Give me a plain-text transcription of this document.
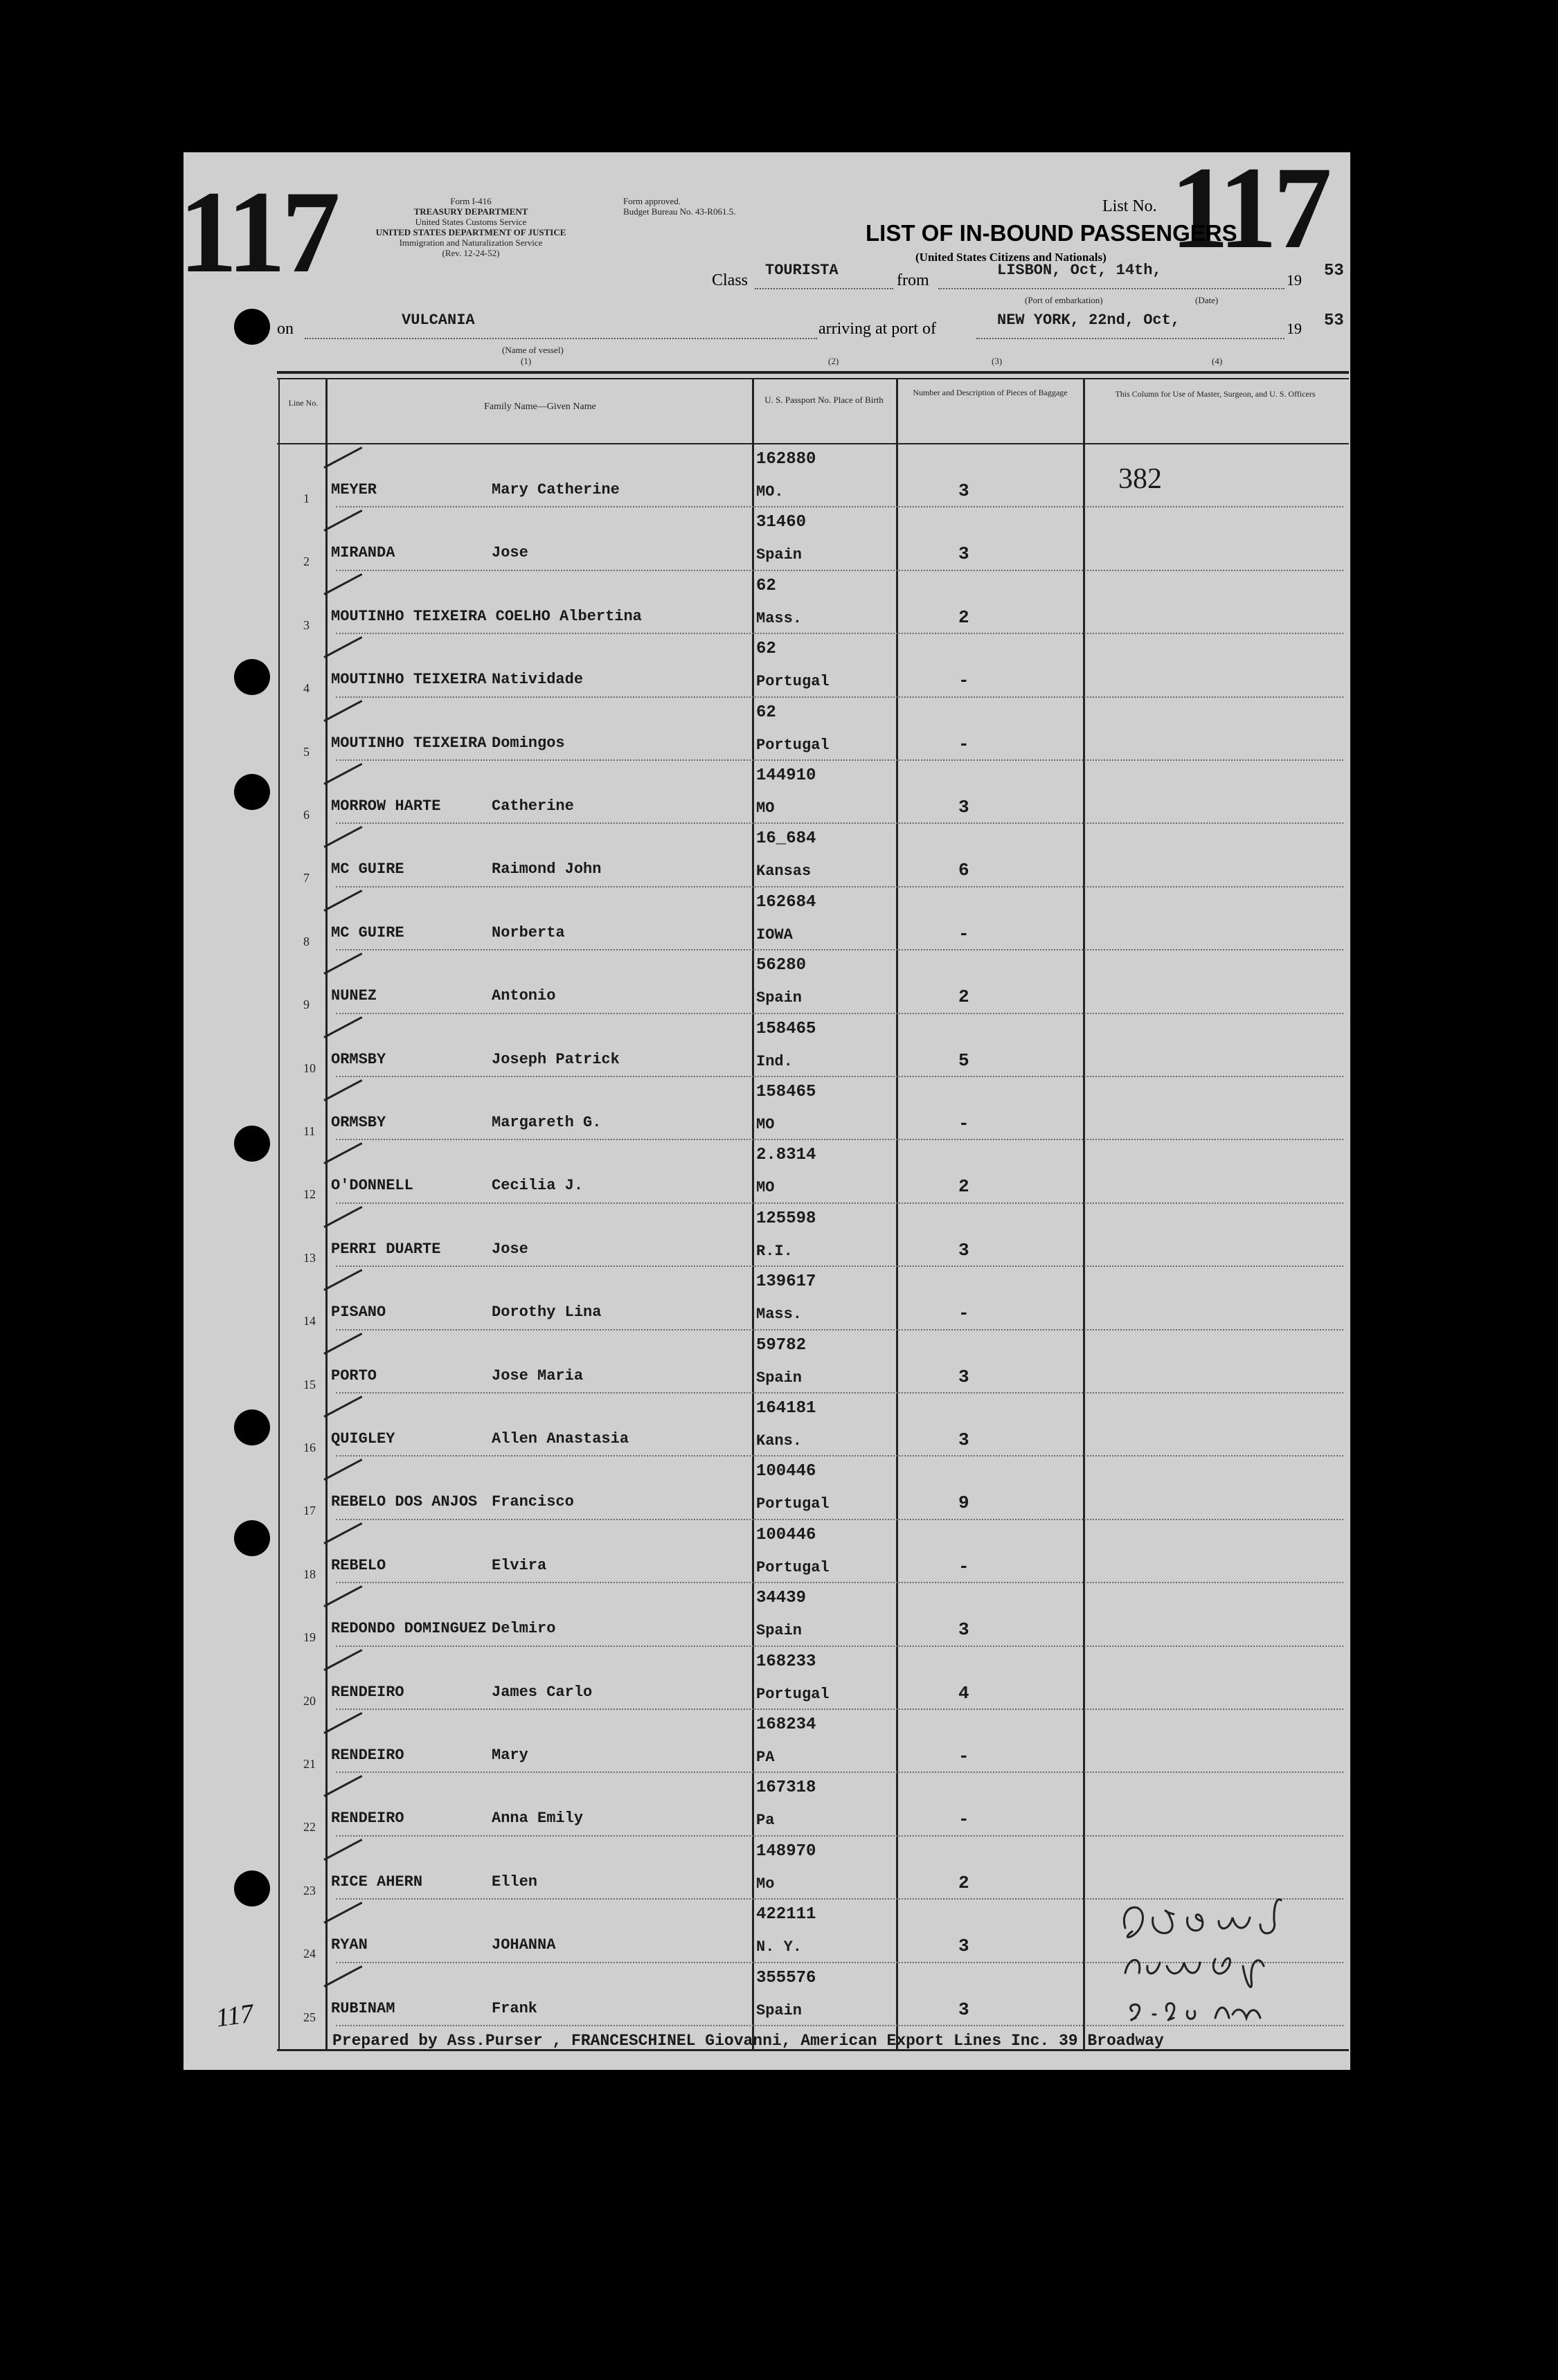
117	117
Form I-416
TREASURY DEPARTMENT
United States Customs Service
UNITED STATES DEPARTMENT OF JUSTICE
Immigration and Naturalization Service
(Rev. 12-24-52)
Form approved.
Budget Bureau No. 43-R061.5.	List No.
LIST OF IN-BOUND PASSENGERS
(United States Citizens and Nationals)
Class
TOURISTA
from
LISBON, Oct, 14th,
19 53
(Port of embarkation)	(Date)
on	VULCANIA	arriving at port of	NEW YORK, 22nd, Oct,	19 53
(Name of vessel)
(1)	(2)	(3)	(4)
Line No.	Family Name—Given Name
U. S. Passport No. Place of Birth
Number and Description of Pieces of Baggage	This Column for Use of Master, Surgeon, and U. S. Officers
1 MEYER	Mary Catherine
162880
MO.	3	382
2 MIRANDA	Jose
31460
Spain	3
3 MOUTINHO TEIXEIRA COELHO Albertina
62
Mass.	2
4 MOUTINHO TEIXEIRA Natividade
62
Portugal	-
5 MOUTINHO TEIXEIRA Domingos
62
Portugal	-
6 MORROW HARTE	Catherine
144910
MO	3
7 MC GUIRE	Raimond John
16_684
Kansas	6
8 MC GUIRE	Norberta
162684
IOWA	-
9 NUNEZ	Antonio
56280
Spain	2
10 ORMSBY	Joseph Patrick
158465
Ind.	5
11 ORMSBY	Margareth G.
158465
MO	-
12 O'DONNELL	Cecilia J.
2.8314
MO	2
13 PERRI DUARTE	Jose
125598
R.I.	3
14 PISANO	Dorothy Lina
139617
Mass.	-
15 PORTO	Jose Maria
59782
Spain	3
16 QUIGLEY	Allen Anastasia
164181
Kans.	3
17 REBELO DOS ANJOS Francisco
100446
Portugal	9
18 REBELO	Elvira
100446
Portugal	-
19 REDONDO DOMINGUEZ Delmiro
34439
Spain	3
20 RENDEIRO	James Carlo
168233
Portugal	4
21 RENDEIRO	Mary
168234
PA	-
22 RENDEIRO	Anna Emily
167318
Pa	-
23 RICE AHERN	Ellen
148970
Mo	2
24 RYAN	JOHANNA
422111
N. Y.	3
25 RUBINAM	Frank
355576
Spain	3
117
Prepared by Ass.Purser , FRANCESCHINEL Giovanni, American Export Lines Inc. 39 Broadway
